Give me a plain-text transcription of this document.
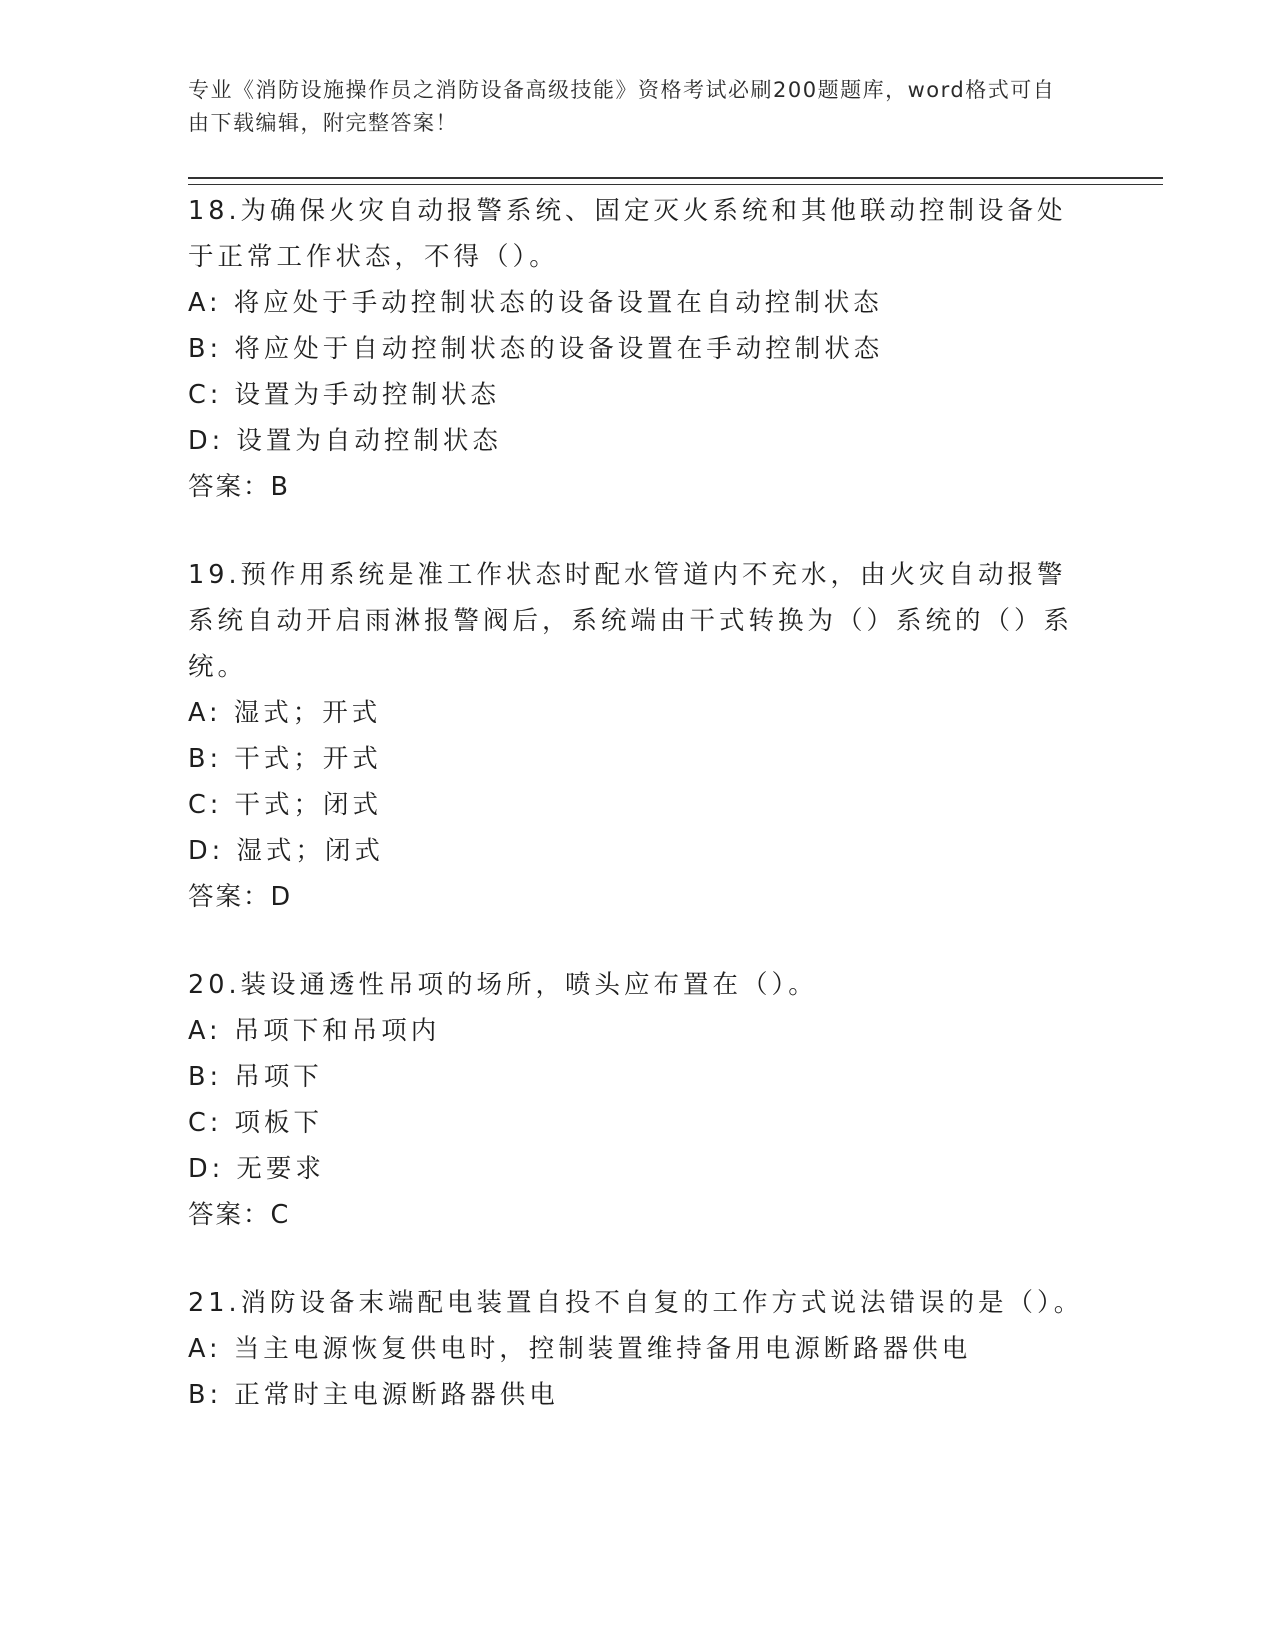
专业《消防设施操作员之消防设备高级技能》资格考试必刷200题题库，word格式可自由下载编辑，附完整答案！

18.为确保火灾自动报警系统、固定灭火系统和其他联动控制设备处于正常工作状态，不得（）。

A: 将应处于手动控制状态的设备设置在自动控制状态

B: 将应处于自动控制状态的设备设置在手动控制状态

C: 设置为手动控制状态

D: 设置为自动控制状态

答案：B

19.预作用系统是准工作状态时配水管道内不充水，由火灾自动报警系统自动开启雨淋报警阀后，系统端由干式转换为（）系统的（）系统。

A: 湿式；开式

B: 干式；开式

C: 干式；闭式

D: 湿式；闭式

答案：D

20.装设通透性吊项的场所，喷头应布置在（）。

A: 吊项下和吊项内

B: 吊项下

C: 项板下

D: 无要求

答案：C

21.消防设备末端配电装置自投不自复的工作方式说法错误的是（）。

A: 当主电源恢复供电时，控制装置维持备用电源断路器供电

B: 正常时主电源断路器供电
